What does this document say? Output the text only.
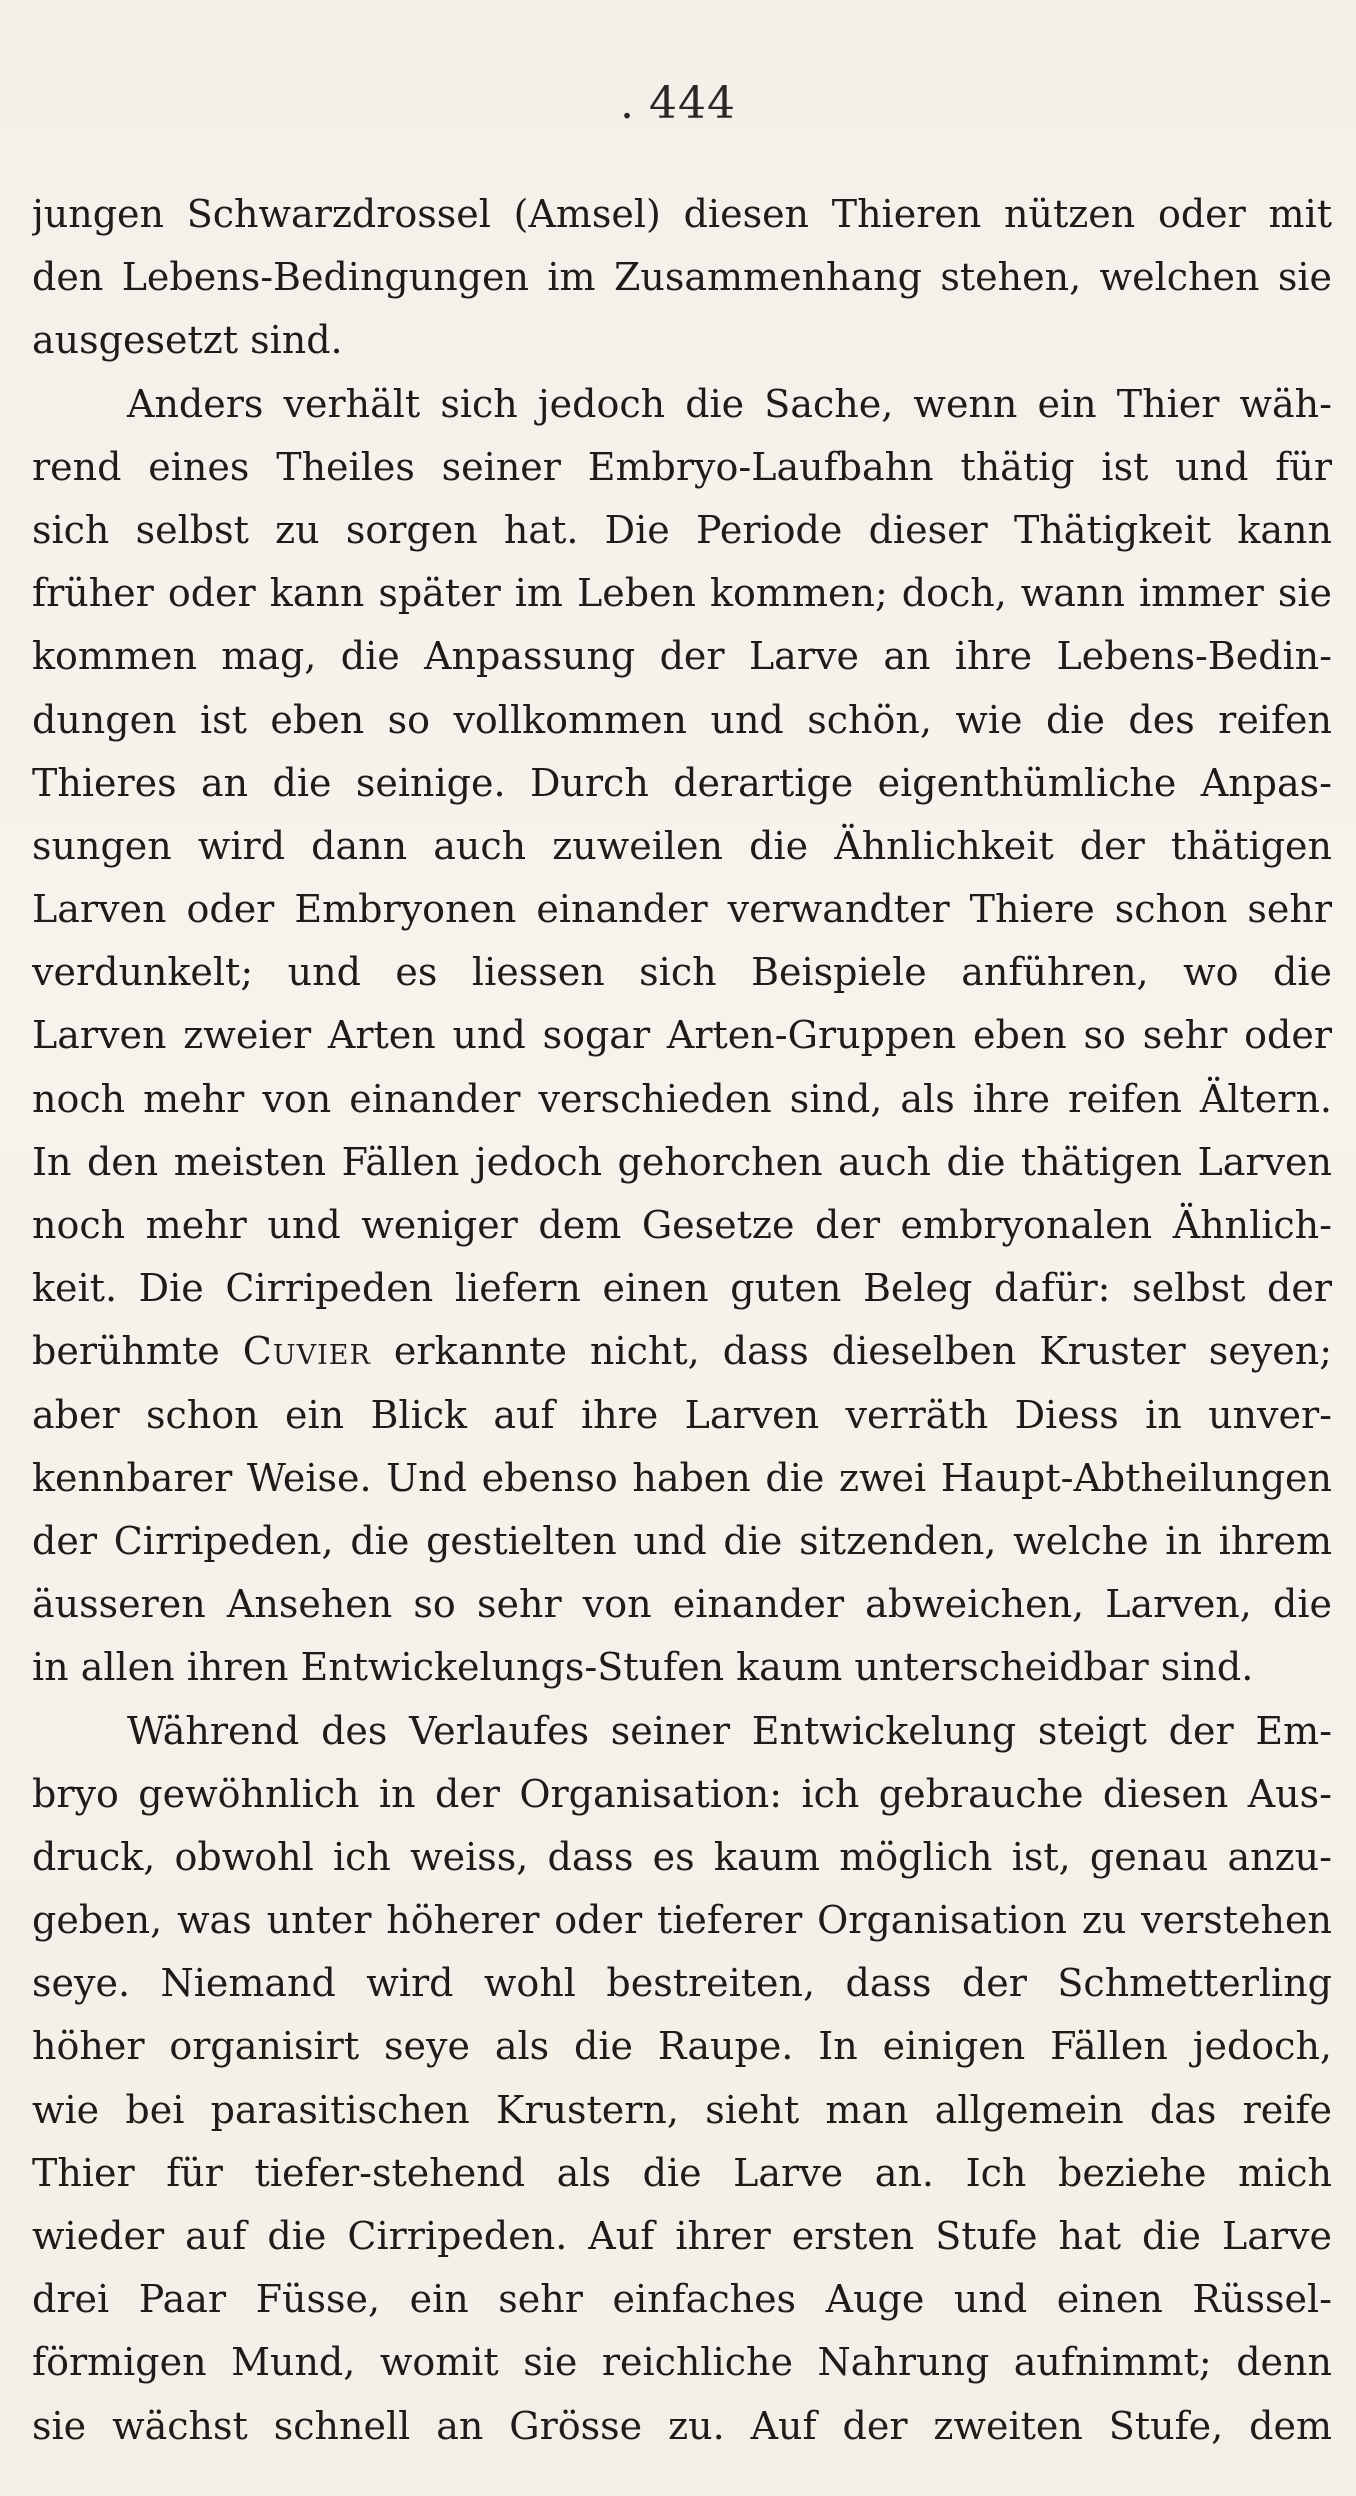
. 444
jungen Schwarzdrossel (Amsel) diesen Thieren nützen oder mit
den Lebens-Bedingungen im Zusammenhang stehen, welchen sie
ausgesetzt sind.
Anders verhält sich jedoch die Sache, wenn ein Thier wäh-
rend eines Theiles seiner Embryo-Laufbahn thätig ist und für
sich selbst zu sorgen hat. Die Periode dieser Thätigkeit kann
früher oder kann später im Leben kommen; doch, wann immer sie
kommen mag, die Anpassung der Larve an ihre Lebens-Bedin-
dungen ist eben so vollkommen und schön, wie die des reifen
Thieres an die seinige. Durch derartige eigenthümliche Anpas-
sungen wird dann auch zuweilen die Ähnlichkeit der thätigen
Larven oder Embryonen einander verwandter Thiere schon sehr
verdunkelt; und es liessen sich Beispiele anführen, wo die
Larven zweier Arten und sogar Arten-Gruppen eben so sehr oder
noch mehr von einander verschieden sind, als ihre reifen Ältern.
In den meisten Fällen jedoch gehorchen auch die thätigen Larven
noch mehr und weniger dem Gesetze der embryonalen Ähnlich-
keit. Die Cirripeden liefern einen guten Beleg dafür: selbst der
berühmte Cuvier erkannte nicht, dass dieselben Kruster seyen;
aber schon ein Blick auf ihre Larven verräth Diess in unver-
kennbarer Weise. Und ebenso haben die zwei Haupt-Abtheilungen
der Cirripeden, die gestielten und die sitzenden, welche in ihrem
äusseren Ansehen so sehr von einander abweichen, Larven, die
in allen ihren Entwickelungs-Stufen kaum unterscheidbar sind.
Während des Verlaufes seiner Entwickelung steigt der Em-
bryo gewöhnlich in der Organisation: ich gebrauche diesen Aus-
druck, obwohl ich weiss, dass es kaum möglich ist, genau anzu-
geben, was unter höherer oder tieferer Organisation zu verstehen
seye. Niemand wird wohl bestreiten, dass der Schmetterling
höher organisirt seye als die Raupe. In einigen Fällen jedoch,
wie bei parasitischen Krustern, sieht man allgemein das reife
Thier für tiefer-stehend als die Larve an. Ich beziehe mich
wieder auf die Cirripeden. Auf ihrer ersten Stufe hat die Larve
drei Paar Füsse, ein sehr einfaches Auge und einen Rüssel-
förmigen Mund, womit sie reichliche Nahrung aufnimmt; denn
sie wächst schnell an Grösse zu. Auf der zweiten Stufe, dem
